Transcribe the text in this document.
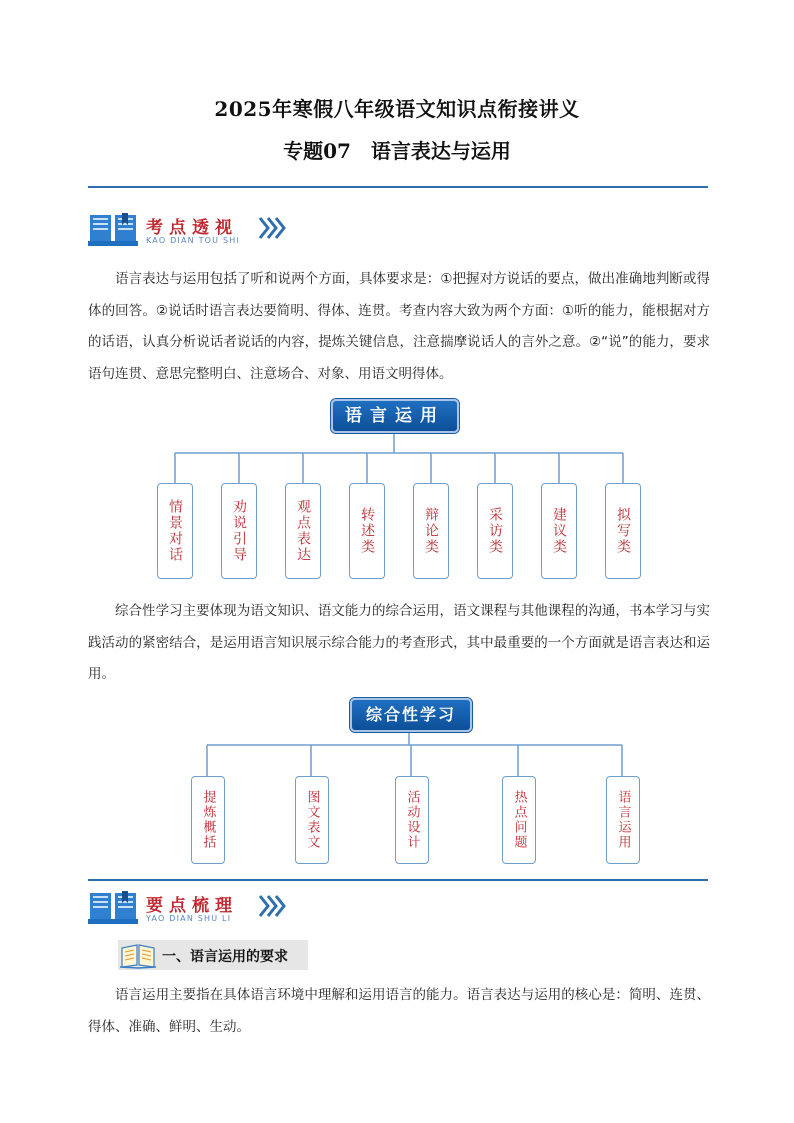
2025年寒假八年级语文知识点衔接讲义
专题07 语言表达与运用
考点透视
KAO DIAN TOU SHI
语言表达与运用包括了听和说两个方面，具体要求是：①把握对方说话的要点，做出准确地判断或得体的回答。②说话时语言表达要简明、得体、连贯。考查内容大致为两个方面：①听的能力，能根据对方的话语，认真分析说话者说话的内容，提炼关键信息，注意揣摩说话人的言外之意。②“说”的能力，要求语句连贯、意思完整明白、注意场合、对象、用语文明得体。
语言运用
情景对话	劝说引导	观点表达	转述类	辩论类	采访类	建议类	拟写类
综合性学习主要体现为语文知识、语文能力的综合运用，语文课程与其他课程的沟通，书本学习与实践活动的紧密结合，是运用语言知识展示综合能力的考查形式，其中最重要的一个方面就是语言表达和运用。
综合性学习
提炼概括	图文表文	活动设计	热点问题	语言运用
要点梳理
YAO DIAN SHU LI
一、语言运用的要求
语言运用主要指在具体语言环境中理解和运用语言的能力。语言表达与运用的核心是：简明、连贯、得体、准确、鲜明、生动。
